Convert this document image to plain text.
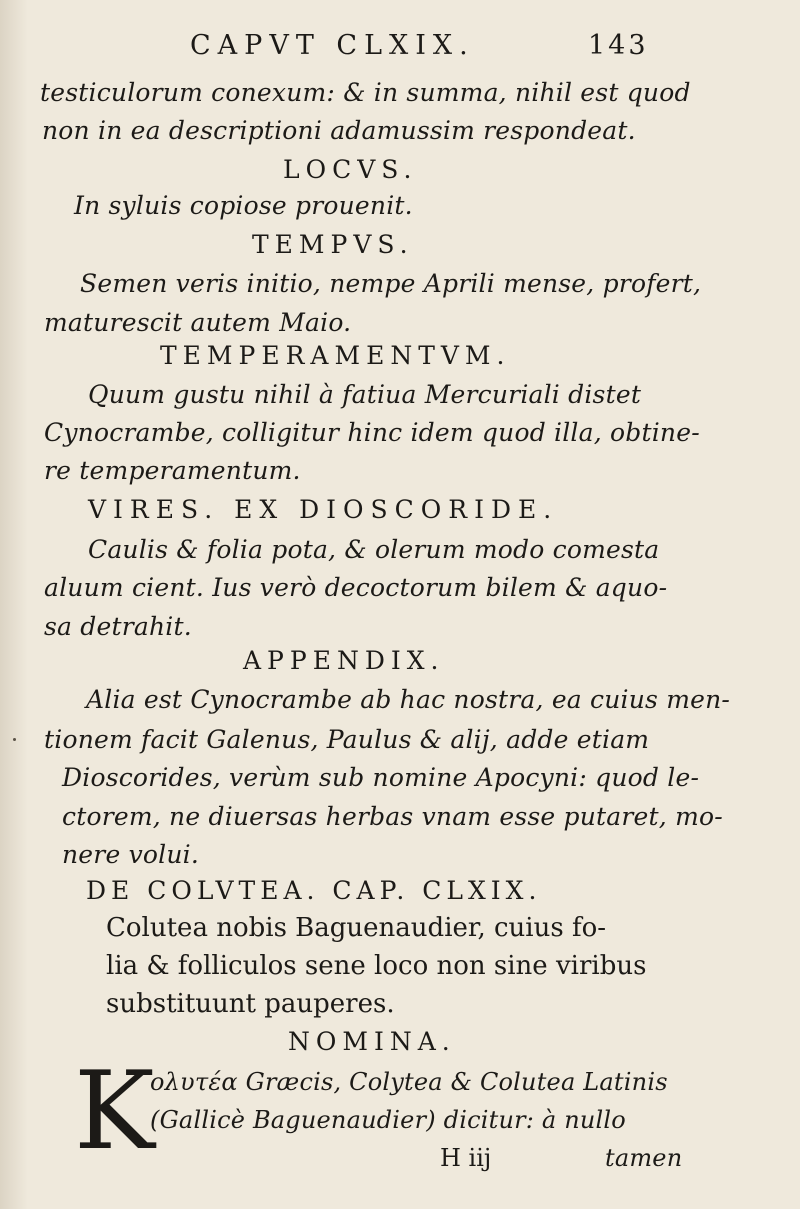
CAPVT CLXIX.	143
testiculorum conexum: & in summa, nihil est quod
non in ea descriptioni adamussim respondeat.
LOCVS.
In syluis copiose prouenit.
TEMPVS.
Semen veris initio, nempe Aprili mense, profert,
maturescit autem Maio.
TEMPERAMENTVM.
Quum gustu nihil à fatiua Mercuriali distet
Cynocrambe, colligitur hinc idem quod illa, obtine-
re temperamentum.
VIRES. EX DIOSCORIDE.
Caulis & folia pota, & olerum modo comesta
aluum cient. Ius verò decoctorum bilem & aquo-
sa detrahit.
APPENDIX.
Alia est Cynocrambe ab hac nostra, ea cuius men-
tionem facit Galenus, Paulus & alij, adde etiam
Dioscorides, verùm sub nomine Apocyni: quod le-
ctorem, ne diuersas herbas vnam esse putaret, mo-
nere volui.
DE COLVTEA. CAP. CLXIX.
Colutea nobis Baguenaudier, cuius fo-
lia & folliculos sene loco non sine viribus
substituunt pauperes.
NOMINA.
K
ολυτέα Græcis, Colytea & Colutea Latinis
(Gallicè Baguenaudier) dicitur: à nullo
H iij	tamen
